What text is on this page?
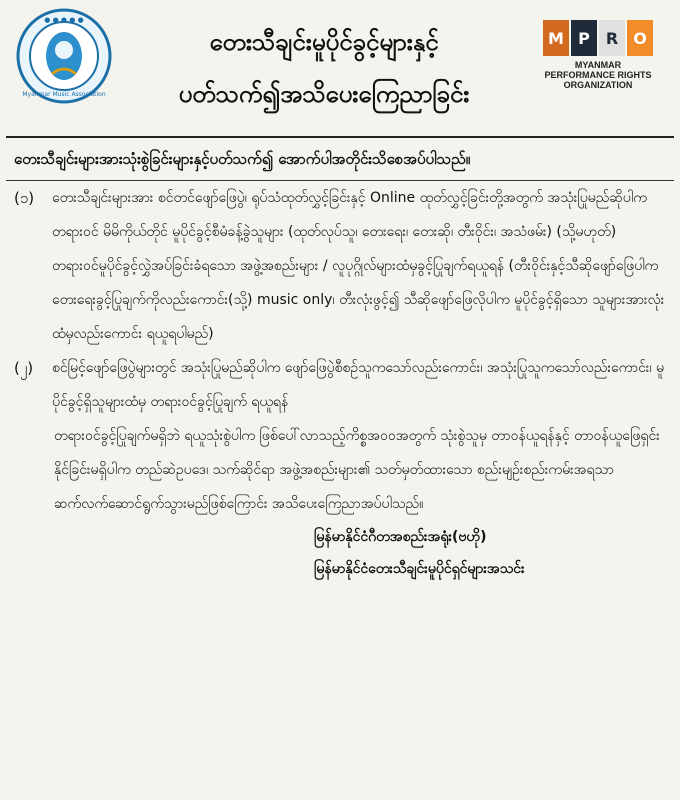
● ● ● ● ●
Myanmar Music Association
တေးသီချင်းမူပိုင်ခွင့်များနှင့်
ပတ်သက်၍အသိပေးကြေညာခြင်း
M P R O
MYANMAR
PERFORMANCE RIGHTS
ORGANIZATION
တေးသီချင်းများအားသုံးစွဲခြင်းများနှင့်ပတ်သက်၍ အောက်ပါအတိုင်းသိစေအပ်ပါသည်။
(၁)	တေးသီချင်းများအား စင်တင်ဖျော်ဖြေပွဲ၊ ရုပ်သံထုတ်လွှင့်ခြင်းနှင့် Online ထုတ်လွှင့်ခြင်းတို့အတွက် အသုံးပြုမည်ဆိုပါက တရားဝင် မိမိကိုယ်တိုင် မူပိုင်ခွင့်စီမံခန့်ခွဲသူများ (ထုတ်လုပ်သူ၊ တေးရေး၊ တေးဆို၊ တီးဝိုင်း၊ အသံဖမ်း) (သို့မဟုတ်) တရားဝင်မူပိုင်ခွင့်လွှဲအပ်ခြင်းခံရသော အဖွဲ့အစည်းများ / လူပုဂ္ဂိုလ်များထံမှခွင့်ပြုချက်ရယူရန် (တီးဝိုင်းနှင့်သီဆိုဖျော်ဖြေပါက တေးရေးခွင့်ပြုချက်ကိုလည်းကောင်း(သို့) music only၊ တီးလုံးဖွင့်၍ သီဆိုဖျော်ဖြေလိုပါက မူပိုင်ခွင့်ရှိသော သူများအားလုံးထံမှလည်းကောင်း ရယူရပါမည်)
(၂)	စင်မြင့်ဖျော်ဖြေပွဲများတွင် အသုံးပြုမည်ဆိုပါက ဖျော်ဖြေပွဲစီစဉ်သူကသော်လည်းကောင်း၊ အသုံးပြုသူကသော်လည်းကောင်း၊ မူပိုင်ခွင့်ရှိသူများထံမှ တရားဝင်ခွင့်ပြုချက် ရယူရန်
တရားဝင်ခွင့်ပြုချက်မရှိဘဲ ရယူသုံးစွဲပါက ဖြစ်ပေါ်လာသည့်ကိစ္စအဝဝအတွက် သုံးစွဲသူမှ တာဝန်ယူရန်နှင့် တာဝန်ယူဖြေရှင်းနိုင်ခြင်းမရှိပါက တည်ဆဲဥပဒေ၊ သက်ဆိုင်ရာ အဖွဲ့အစည်းများ၏ သတ်မှတ်ထားသော စည်းမျဉ်းစည်းကမ်းအရသာ ဆက်လက်ဆောင်ရွက်သွားမည်ဖြစ်ကြောင်း အသိပေးကြေညာအပ်ပါသည်။
မြန်မာနိုင်ငံဂီတအစည်းအရုံး(ဗဟို)
မြန်မာနိုင်ငံတေးသီချင်းမူပိုင်ရှင်များအသင်း
